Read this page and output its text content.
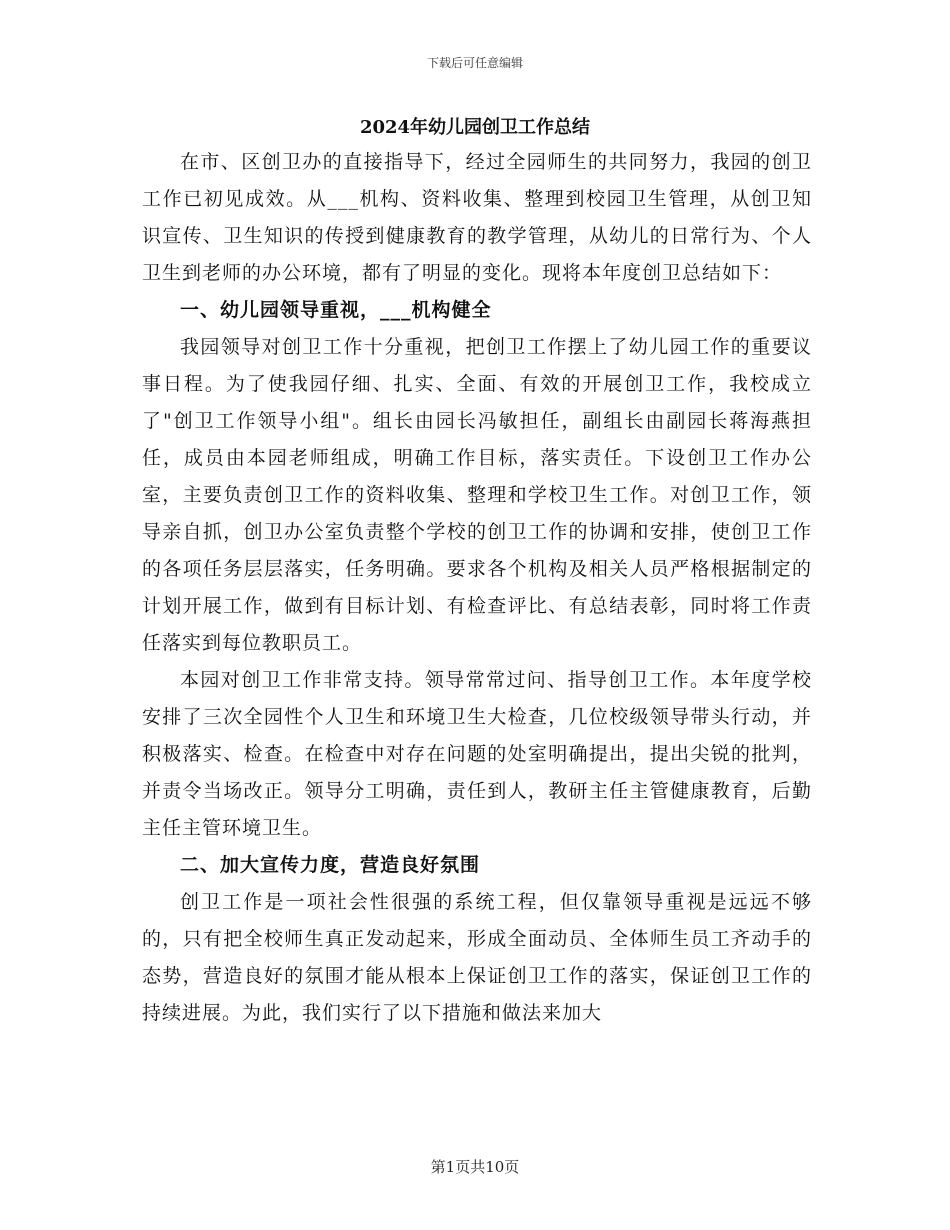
下载后可任意编辑
2024年幼儿园创卫工作总结

在市、区创卫办的直接指导下，经过全园师生的共同努力，我园的创卫工作已初见成效。从___机构、资料收集、整理到校园卫生管理，从创卫知识宣传、卫生知识的传授到健康教育的教学管理，从幼儿的日常行为、个人卫生到老师的办公环境，都有了明显的变化。现将本年度创卫总结如下：

一、幼儿园领导重视，___机构健全

我园领导对创卫工作十分重视，把创卫工作摆上了幼儿园工作的重要议事日程。为了使我园仔细、扎实、全面、有效的开展创卫工作，我校成立了"创卫工作领导小组"。组长由园长冯敏担任，副组长由副园长蒋海燕担任，成员由本园老师组成，明确工作目标，落实责任。下设创卫工作办公室，主要负责创卫工作的资料收集、整理和学校卫生工作。对创卫工作，领导亲自抓，创卫办公室负责整个学校的创卫工作的协调和安排，使创卫工作的各项任务层层落实，任务明确。要求各个机构及相关人员严格根据制定的计划开展工作，做到有目标计划、有检查评比、有总结表彰，同时将工作责任落实到每位教职员工。

本园对创卫工作非常支持。领导常常过问、指导创卫工作。本年度学校安排了三次全园性个人卫生和环境卫生大检查，几位校级领导带头行动，并积极落实、检查。在检查中对存在问题的处室明确提出，提出尖锐的批判，并责令当场改正。领导分工明确，责任到人，教研主任主管健康教育，后勤主任主管环境卫生。

二、加大宣传力度，营造良好氛围

创卫工作是一项社会性很强的系统工程，但仅靠领导重视是远远不够的，只有把全校师生真正发动起来，形成全面动员、全体师生员工齐动手的态势，营造良好的氛围才能从根本上保证创卫工作的落实，保证创卫工作的持续进展。为此，我们实行了以下措施和做法来加大

第1页共10页
